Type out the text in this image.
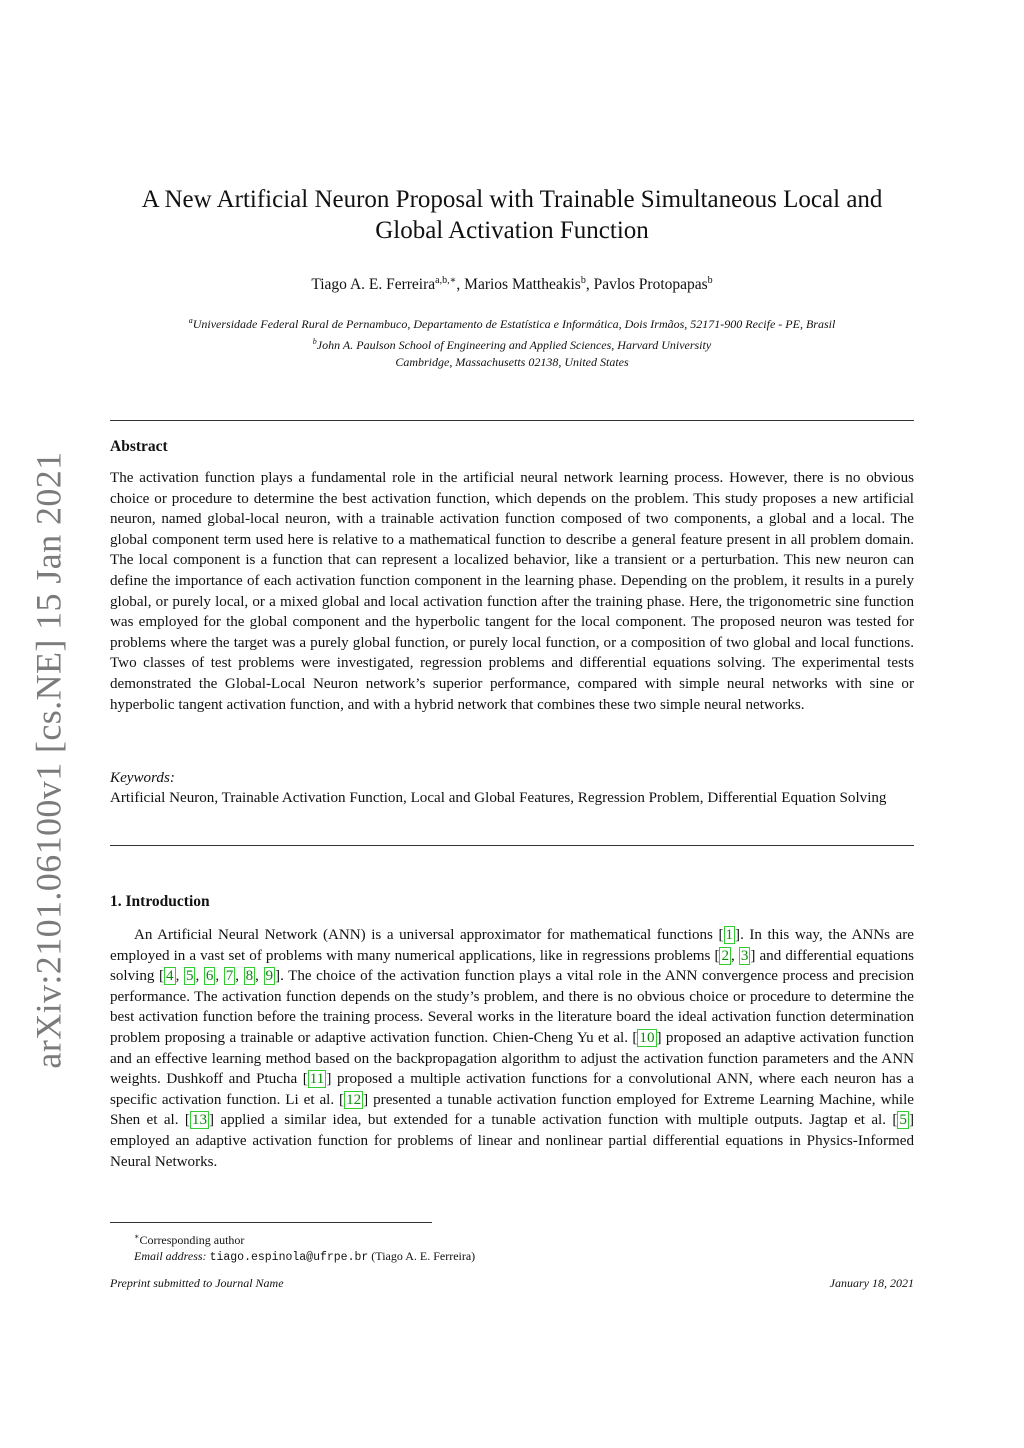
arXiv:2101.06100v1 [cs.NE] 15 Jan 2021
A New Artificial Neuron Proposal with Trainable Simultaneous Local and
Global Activation Function
Tiago A. E. Ferreira$^{a,b,∗}$, Marios Mattheakis$^b$, Pavlos Protopapas$^b$
$^a$Universidade Federal Rural de Pernambuco, Departamento de Estatística e Informática, Dois Irmãos, 52171-900 Recife - PE, Brasil
$^b$John A. Paulson School of Engineering and Applied Sciences, Harvard University
Cambridge, Massachusetts 02138, United States
Abstract

The activation function plays a fundamental role in the artificial neural network learning process. However, there is no obvious choice or procedure to determine the best activation function, which depends on the problem. This study proposes a new artificial neuron, named global-local neuron, with a trainable activation function composed of two components, a global and a local. The global component term used here is relative to a mathematical function to describe a general feature present in all problem domain. The local component is a function that can represent a localized behavior, like a transient or a perturbation. This new neuron can define the importance of each activation function component in the learning phase. Depending on the problem, it results in a purely global, or purely local, or a mixed global and local activation function after the training phase. Here, the trigonometric sine function was employed for the global component and the hyperbolic tangent for the local component. The proposed neuron was tested for problems where the target was a purely global function, or purely local function, or a composition of two global and local functions. Two classes of test problems were investigated, regression problems and differential equations solving. The experimental tests demonstrated the Global-Local Neuron network’s superior performance, compared with simple neural networks with sine or hyperbolic tangent activation function, and with a hybrid network that combines these two simple neural networks.

Keywords:

Artificial Neuron, Trainable Activation Function, Local and Global Features, Regression Problem, Differential Equation Solving

1. Introduction

An Artificial Neural Network (ANN) is a universal approximator for mathematical functions [ 1 ]. In this way, the ANNs are employed in a vast set of problems with many numerical applications, like in regressions problems [ 2 , 3 ] and differential equations solving [ 4 , 5 , 6 , 7 , 8 , 9 ]. The choice of the activation function plays a vital role in the ANN convergence process and precision performance. The activation function depends on the study’s problem, and there is no obvious choice or procedure to determine the best activation function before the training process. Several works in the literature board the ideal activation function determination problem proposing a trainable or adaptive activation function. Chien-Cheng Yu et al. [ 10 ] proposed an adaptive activation function and an effective learning method based on the backpropagation algorithm to adjust the activation function parameters and the ANN weights. Dushkoff and Ptucha [ 11 ] proposed a multiple activation functions for a convolutional ANN, where each neuron has a specific activation function. Li et al. [ 12 ] presented a tunable activation function employed for Extreme Learning Machine, while Shen et al. [ 13 ] applied a similar idea, but extended for a tunable activation function with multiple outputs. Jagtap et al. [ 5 ] employed an adaptive activation function for problems of linear and nonlinear partial differential equations in Physics-Informed Neural Networks.

∗Corresponding author
Email address: tiago.espinola@ufrpe.br (Tiago A. E. Ferreira)
Preprint submitted to Journal Name	January 18, 2021
